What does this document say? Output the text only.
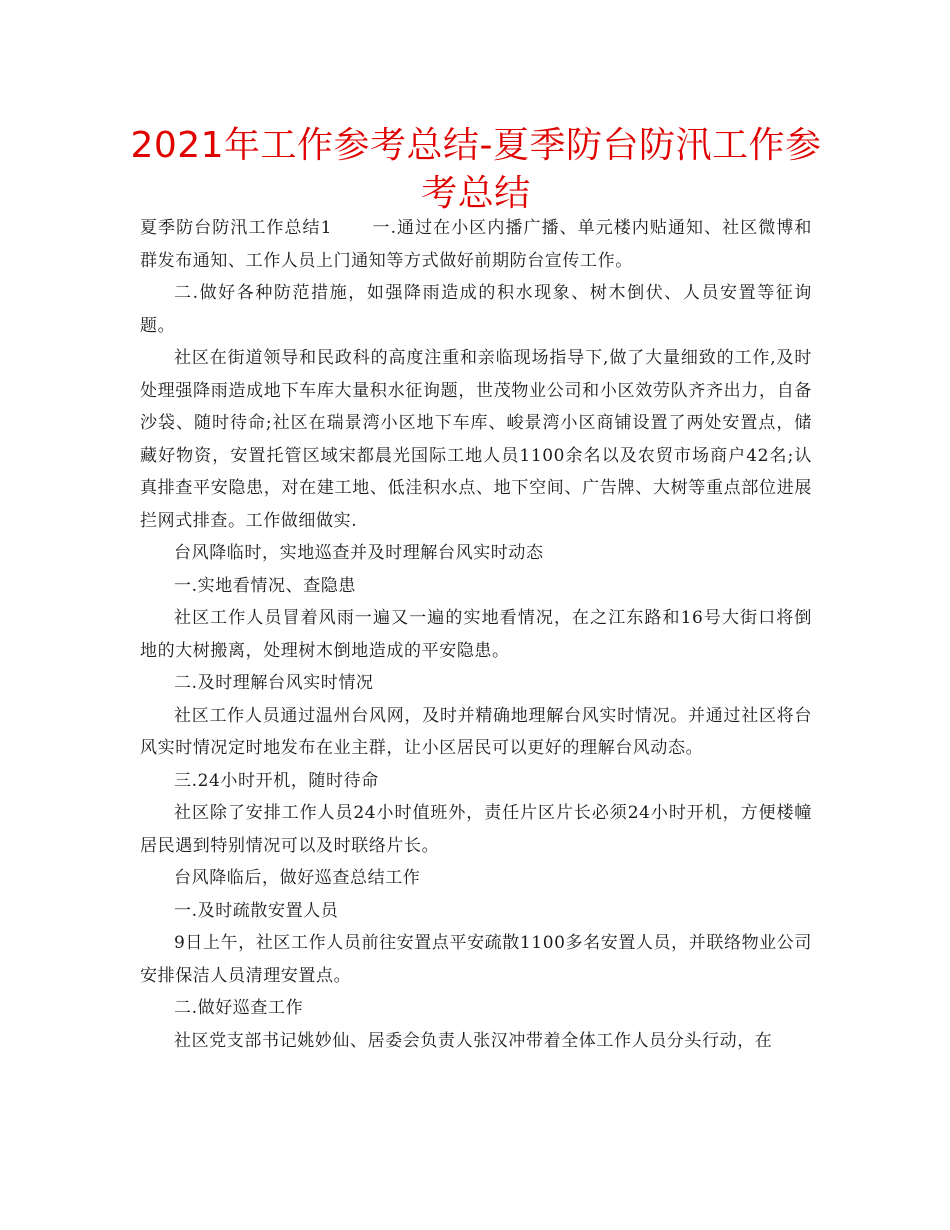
2021年工作参考总结-夏季防台防汛工作参考总结

夏季防台防汛工作总结1 一.通过在小区内播广播、单元楼内贴通知、社区微博和群发布通知、工作人员上门通知等方式做好前期防台宣传工作。

二.做好各种防范措施，如强降雨造成的积水现象、树木倒伏、人员安置等征询题。

社区在街道领导和民政科的高度注重和亲临现场指导下,做了大量细致的工作,及时处理强降雨造成地下车库大量积水征询题，世茂物业公司和小区效劳队齐齐出力，自备沙袋、随时待命;社区在瑞景湾小区地下车库、峻景湾小区商铺设置了两处安置点，储藏好物资，安置托管区域宋都晨光国际工地人员1100余名以及农贸市场商户42名;认真排查平安隐患，对在建工地、低洼积水点、地下空间、广告牌、大树等重点部位进展拦网式排查。工作做细做实.

台风降临时，实地巡查并及时理解台风实时动态

一.实地看情况、查隐患

社区工作人员冒着风雨一遍又一遍的实地看情况，在之江东路和16号大街口将倒地的大树搬离，处理树木倒地造成的平安隐患。

二.及时理解台风实时情况

社区工作人员通过温州台风网，及时并精确地理解台风实时情况。并通过社区将台风实时情况定时地发布在业主群，让小区居民可以更好的理解台风动态。

三.24小时开机，随时待命

社区除了安排工作人员24小时值班外，责任片区片长必须24小时开机，方便楼幢居民遇到特别情况可以及时联络片长。

台风降临后，做好巡查总结工作

一.及时疏散安置人员

9日上午，社区工作人员前往安置点平安疏散1100多名安置人员，并联络物业公司安排保洁人员清理安置点。

二.做好巡查工作

社区党支部书记姚妙仙、居委会负责人张汉冲带着全体工作人员分头行动，在
